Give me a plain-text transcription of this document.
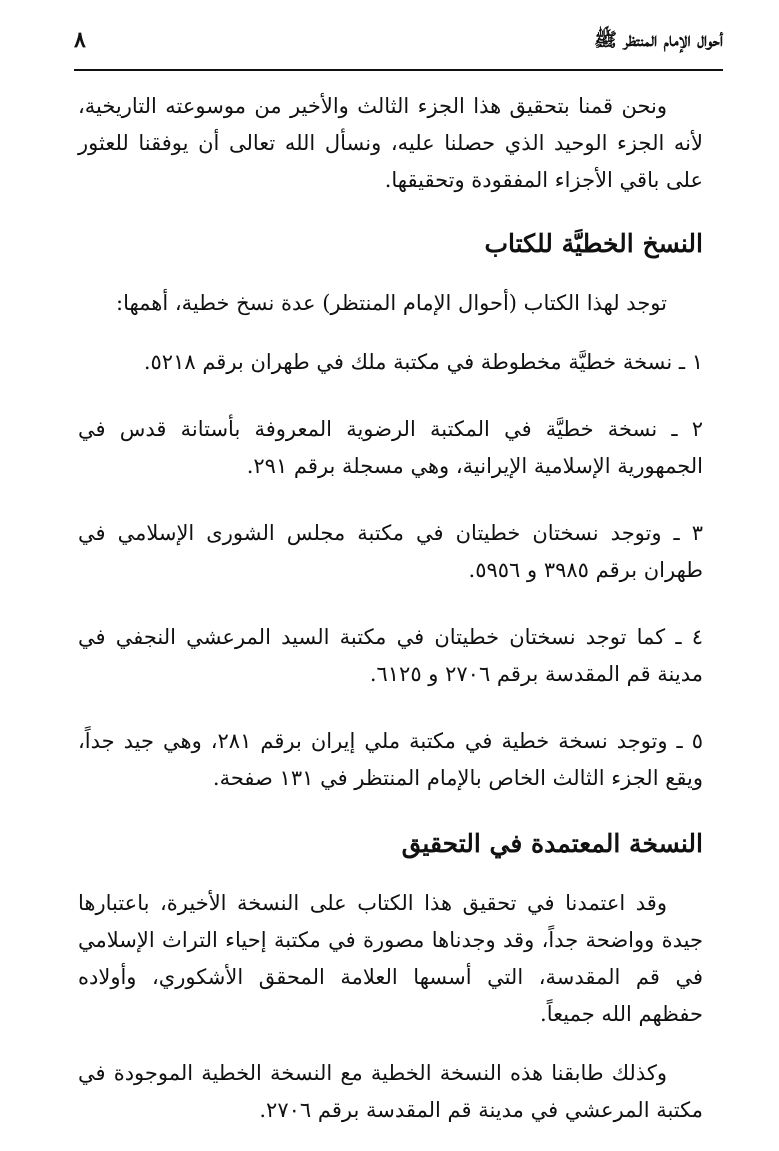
أحوال الإمام المنتظر ﷺ
٨

ونحن قمنا بتحقيق هذا الجزء الثالث والأخير من موسوعته التاريخية، لأنه الجزء الوحيد الذي حصلنا عليه، ونسأل الله تعالى أن يوفقنا للعثور على باقي الأجزاء المفقودة وتحقيقها.

النسخ الخطيَّة للكتاب

توجد لهذا الكتاب (أحوال الإمام المنتظر) عدة نسخ خطية، أهمها:

١ ـ نسخة خطيَّة مخطوطة في مكتبة ملك في طهران برقم ٥٢١٨.

٢ ـ نسخة خطيَّة في المكتبة الرضوية المعروفة بأستانة قدس في الجمهورية الإسلامية الإيرانية، وهي مسجلة برقم ٢٩١.

٣ ـ وتوجد نسختان خطيتان في مكتبة مجلس الشورى الإسلامي في طهران برقم ٣٩٨٥ و ٥٩٥٦.

٤ ـ كما توجد نسختان خطيتان في مكتبة السيد المرعشي النجفي في مدينة قم المقدسة برقم ٢٧٠٦ و ٦١٢٥.

٥ ـ وتوجد نسخة خطية في مكتبة ملي إيران برقم ٢٨١، وهي جيد جداً، ويقع الجزء الثالث الخاص بالإمام المنتظر في ١٣١ صفحة.

النسخة المعتمدة في التحقيق

وقد اعتمدنا في تحقيق هذا الكتاب على النسخة الأخيرة، باعتبارها جيدة وواضحة جداً، وقد وجدناها مصورة في مكتبة إحياء التراث الإسلامي في قم المقدسة، التي أسسها العلامة المحقق الأشكوري، وأولاده حفظهم الله جميعاً.

وكذلك طابقنا هذه النسخة الخطية مع النسخة الخطية الموجودة في مكتبة المرعشي في مدينة قم المقدسة برقم ٢٧٠٦.
